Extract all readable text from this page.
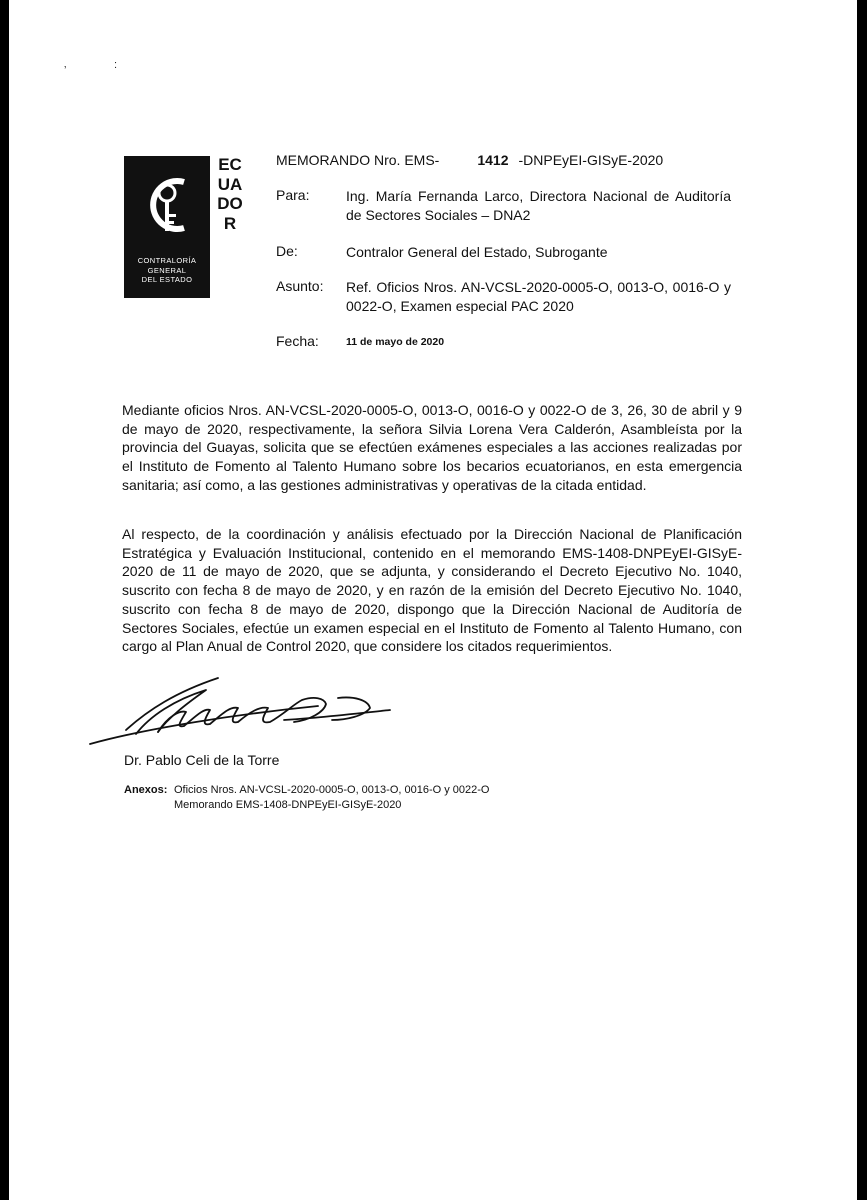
ʼ	:
CONTRALORÍA
GENERAL
DEL ESTADO
ECUADOR
MEMORANDO Nro. EMS-	1412 -DNPEyEI-GISyE-2020
Para:	Ing. María Fernanda Larco, Directora Nacional de Auditoría de Sectores Sociales – DNA2
De:	Contralor General del Estado, Subrogante
Asunto: Ref. Oficios Nros. AN-VCSL-2020-0005-O, 0013-O, 0016-O y 0022-O, Examen especial PAC 2020
Fecha:	11 de mayo de 2020
Mediante oficios Nros. AN-VCSL-2020-0005-O, 0013-O, 0016-O y 0022-O de 3, 26, 30 de abril y 9 de mayo de 2020, respectivamente, la señora Silvia Lorena Vera Calderón, Asambleísta por la provincia del Guayas, solicita que se efectúen exámenes especiales a las acciones realizadas por el Instituto de Fomento al Talento Humano sobre los becarios ecuatorianos, en esta emergencia sanitaria; así como, a las gestiones administrativas y operativas de la citada entidad.
Al respecto, de la coordinación y análisis efectuado por la Dirección Nacional de Planificación Estratégica y Evaluación Institucional, contenido en el memorando EMS-1408-DNPEyEI-GISyE-2020 de 11 de mayo de 2020, que se adjunta, y considerando el Decreto Ejecutivo No. 1040, suscrito con fecha 8 de mayo de 2020, y en razón de la emisión del Decreto Ejecutivo No. 1040, suscrito con fecha 8 de mayo de 2020, dispongo que la Dirección Nacional de Auditoría de Sectores Sociales, efectúe un examen especial en el Instituto de Fomento al Talento Humano, con cargo al Plan Anual de Control 2020, que considere los citados requerimientos.
Dr. Pablo Celi de la Torre
Anexos: Oficios Nros. AN-VCSL-2020-0005-O, 0013-O, 0016-O y 0022-O
Memorando EMS-1408-DNPEyEI-GISyE-2020
